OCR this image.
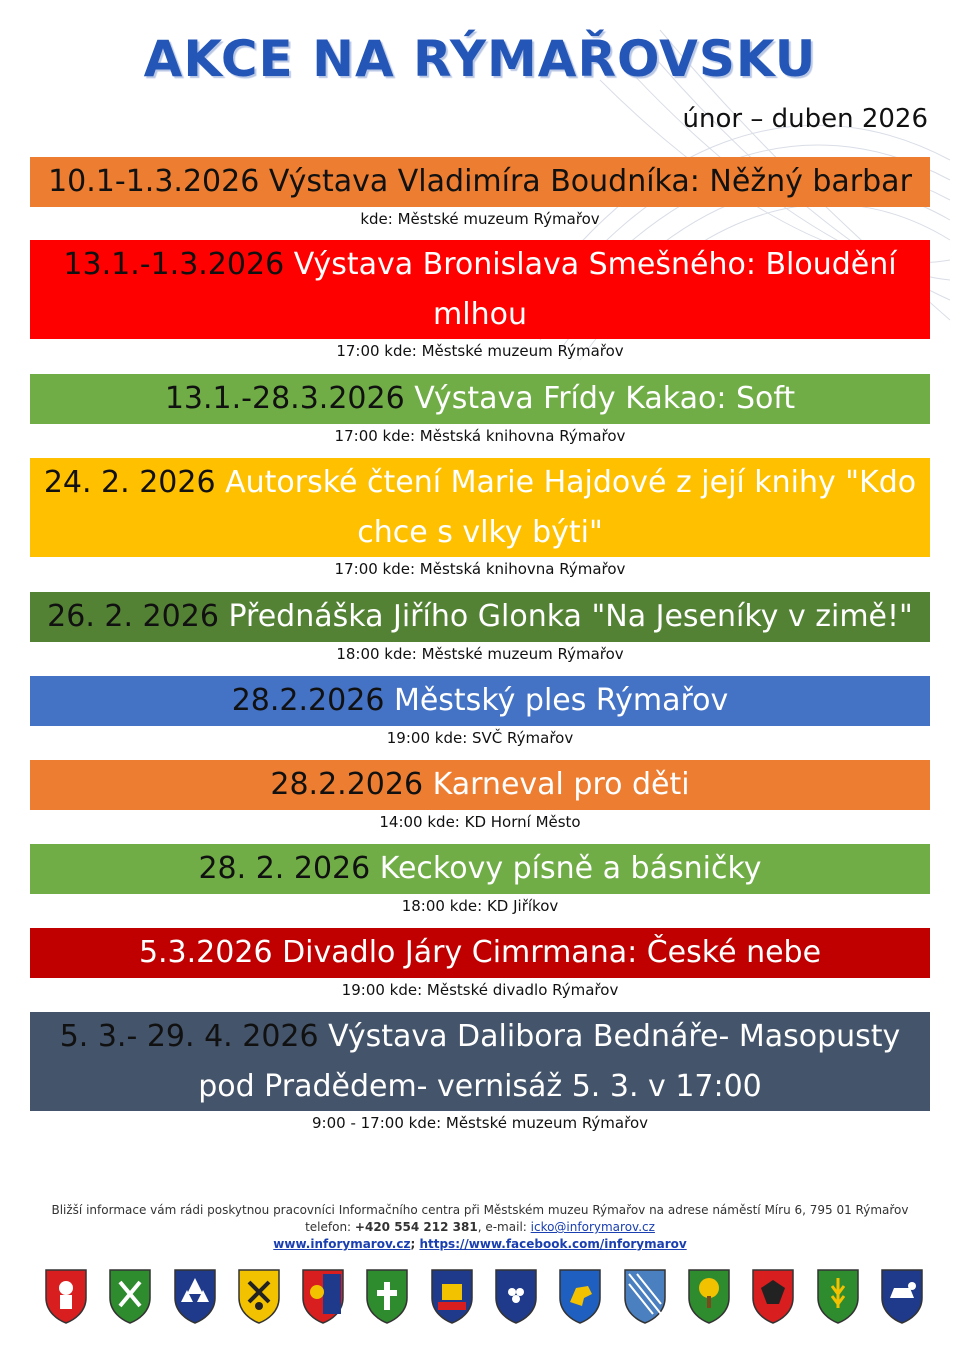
AKCE NA RÝMAŘOVSKU
únor – duben 2026
10.1-1.3.2026 Výstava Vladimíra Boudníka: Něžný barbar
kde: Městské muzeum Rýmařov
13.1.-1.3.2026 Výstava Bronislava Smešného: Bloudění mlhou
17:00 kde: Městské muzeum Rýmařov
13.1.-28.3.2026 Výstava Frídy Kakao: Soft
17:00 kde: Městská knihovna Rýmařov
24. 2. 2026 Autorské čtení Marie Hajdové z její knihy "Kdo chce s vlky býti"
17:00 kde: Městská knihovna Rýmařov
26. 2. 2026 Přednáška Jiřího Glonka "Na Jeseníky v zimě!"
18:00 kde: Městské muzeum Rýmařov
28.2.2026 Městský ples Rýmařov
19:00 kde: SVČ Rýmařov
28.2.2026 Karneval pro děti
14:00 kde: KD Horní Město
28. 2. 2026 Keckovy písně a básničky
18:00 kde: KD Jiříkov
5.3.2026 Divadlo Járy Cimrmana: České nebe
19:00 kde: Městské divadlo Rýmařov
5. 3.- 29. 4. 2026 Výstava Dalibora Bednáře- Masopusty pod Pradědem- vernisáž 5. 3. v 17:00
9:00 - 17:00 kde: Městské muzeum Rýmařov
Bližší informace vám rádi poskytnou pracovníci Informačního centra při Městském muzeu Rýmařov na adrese náměstí Míru 6, 795 01 Rýmařov
telefon: +420 554 212 381, e-mail: icko@inforymarov.cz
www.inforymarov.cz; https://www.facebook.com/inforymarov
